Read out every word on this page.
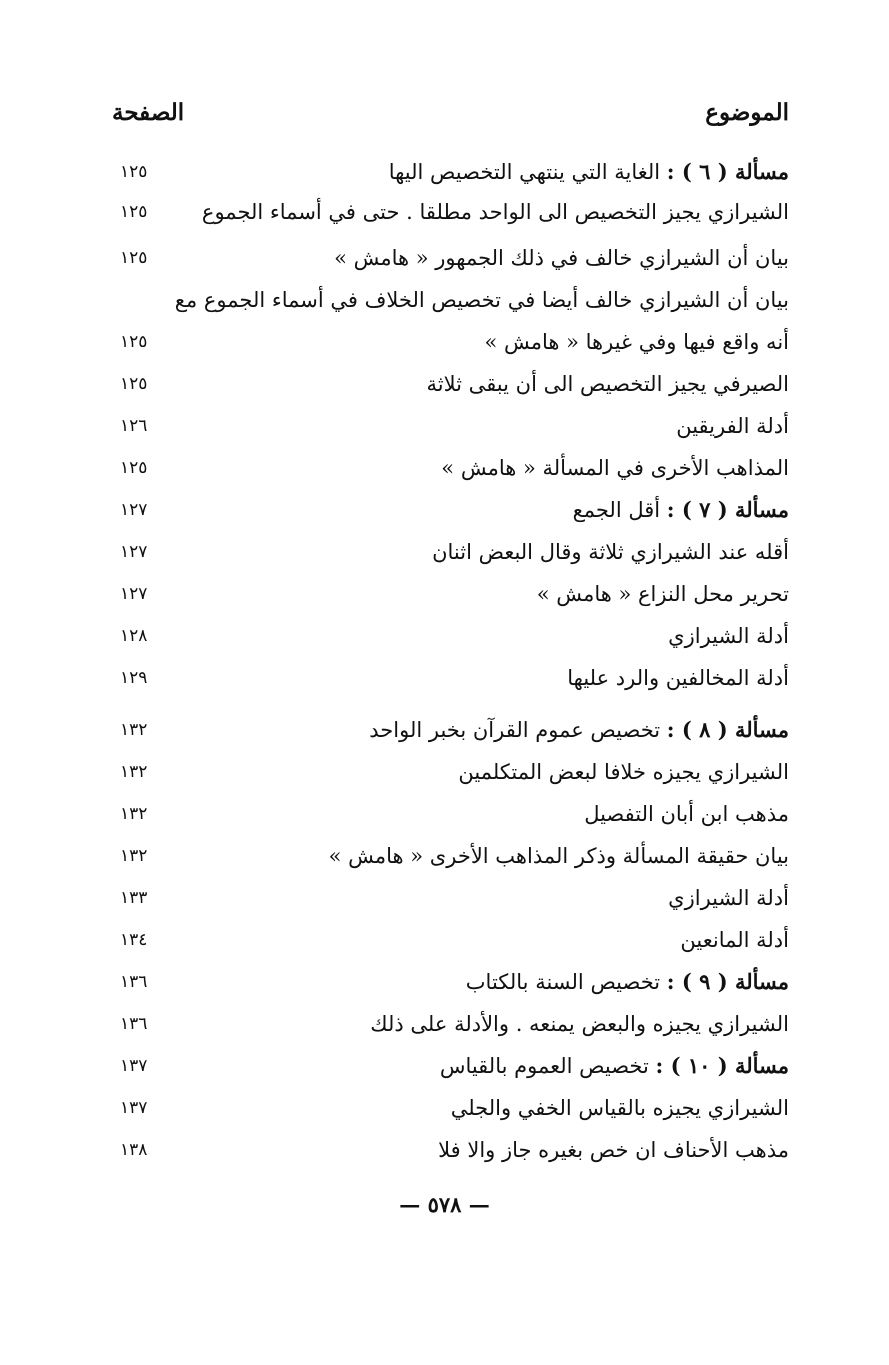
الموضوع
الصفحة
مسألة ( ٦ ) : الغاية التي ينتهي التخصيص اليها
١٢٥
الشيرازي يجيز التخصيص الى الواحد مطلقا . حتى في أسماء الجموع
١٢٥
بيان أن الشيرازي خالف في ذلك الجمهور « هامش »
١٢٥
بيان أن الشيرازي خالف أيضا في تخصيص الخلاف في أسماء الجموع مع
أنه واقع فيها وفي غيرها « هامش »
١٢٥
الصيرفي يجيز التخصيص الى أن يبقى ثلاثة
١٢٥
أدلة الفريقين
١٢٦
المذاهب الأخرى في المسألة « هامش »
١٢٥
مسألة ( ٧ ) : أقل الجمع
١٢٧
أقله عند الشيرازي ثلاثة وقال البعض اثنان
١٢٧
تحرير محل النزاع « هامش »
١٢٧
أدلة الشيرازي
١٢٨
أدلة المخالفين والرد عليها
١٢٩
مسألة ( ٨ ) : تخصيص عموم القرآن بخبر الواحد
١٣٢
الشيرازي يجيزه خلافا لبعض المتكلمين
١٣٢
مذهب ابن أبان التفصيل
١٣٢
بيان حقيقة المسألة وذكر المذاهب الأخرى « هامش »
١٣٢
أدلة الشيرازي
١٣٣
أدلة المانعين
١٣٤
مسألة ( ٩ ) : تخصيص السنة بالكتاب
١٣٦
الشيرازي يجيزه والبعض يمنعه . والأدلة على ذلك
١٣٦
مسألة ( ١٠ ) : تخصيص العموم بالقياس
١٣٧
الشيرازي يجيزه بالقياس الخفي والجلي
١٣٧
مذهب الأحناف ان خص بغيره جاز والا فلا
١٣٨
— ٥٧٨ —
